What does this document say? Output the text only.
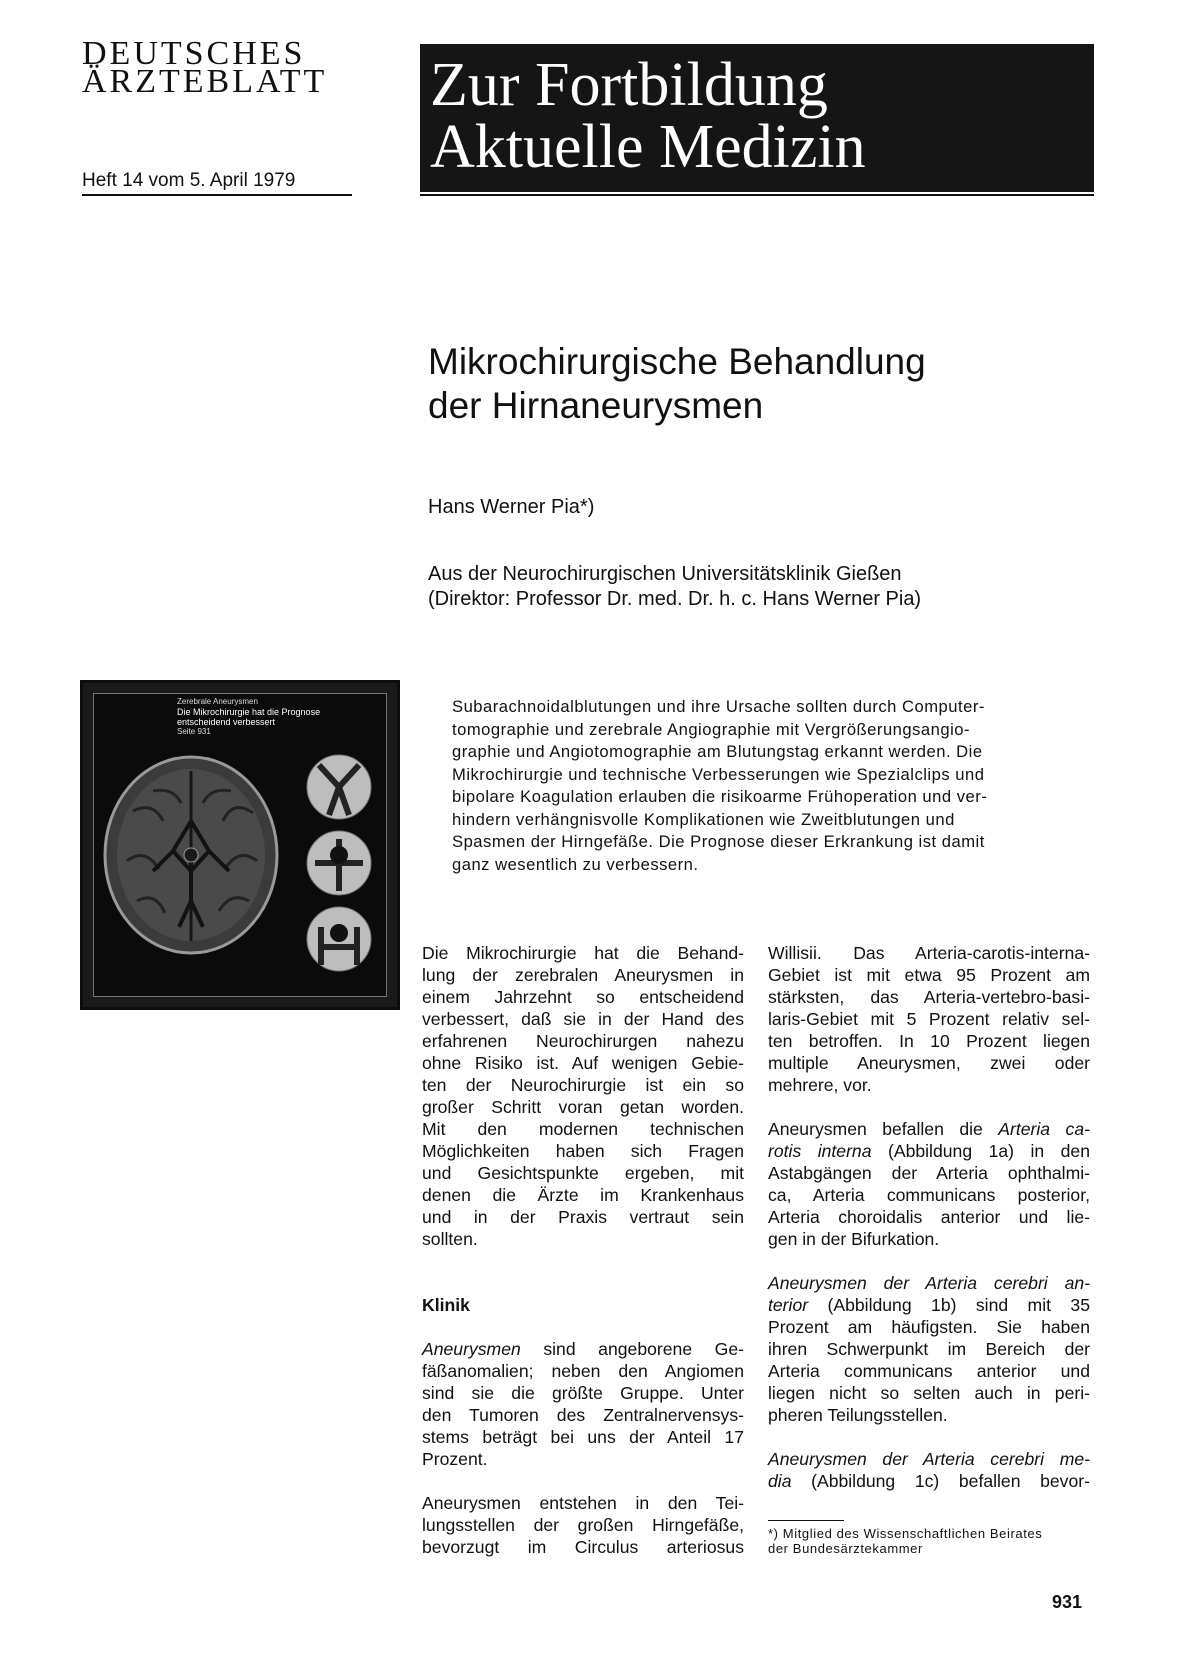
DEUTSCHES
ÄRZTEBLATT
Heft 14 vom 5. April 1979
Zur Fortbildung
Aktuelle Medizin
Mikrochirurgische Behandlung
der Hirnaneurysmen
Hans Werner Pia*)
Aus der Neurochirurgischen Universitätsklinik Gießen
(Direktor: Professor Dr. med. Dr. h. c. Hans Werner Pia)
Zerebrale Aneurysmen
Die Mikrochirurgie hat die Prognose
entscheidend verbessert
Seite 931
Subarachnoidalblutungen und ihre Ursache sollten durch Computer-
tomographie und zerebrale Angiographie mit Vergrößerungsangio-
graphie und Angiotomographie am Blutungstag erkannt werden. Die
Mikrochirurgie und technische Verbesserungen wie Spezialclips und
bipolare Koagulation erlauben die risikoarme Frühoperation und ver-
hindern verhängnisvolle Komplikationen wie Zweitblutungen und
Spasmen der Hirngefäße. Die Prognose dieser Erkrankung ist damit
ganz wesentlich zu verbessern.
Die Mikrochirurgie hat die Behand-
lung der zerebralen Aneurysmen in
einem Jahrzehnt so entscheidend
verbessert, daß sie in der Hand des
erfahrenen Neurochirurgen nahezu
ohne Risiko ist. Auf wenigen Gebie-
ten der Neurochirurgie ist ein so
großer Schritt voran getan worden.
Mit den modernen technischen
Möglichkeiten haben sich Fragen
und Gesichtspunkte ergeben, mit
denen die Ärzte im Krankenhaus
und in der Praxis vertraut sein
sollten.
Klinik
Aneurysmen sind angeborene Ge-
fäßanomalien; neben den Angiomen
sind sie die größte Gruppe. Unter
den Tumoren des Zentralnervensys-
stems beträgt bei uns der Anteil 17
Prozent.
Aneurysmen entstehen in den Tei-
lungsstellen der großen Hirngefäße,
bevorzugt im Circulus arteriosus
Willisii. Das Arteria-carotis-interna-
Gebiet ist mit etwa 95 Prozent am
stärksten, das Arteria-vertebro-basi-
laris-Gebiet mit 5 Prozent relativ sel-
ten betroffen. In 10 Prozent liegen
multiple Aneurysmen, zwei oder
mehrere, vor.
Aneurysmen befallen die Arteria ca-
rotis interna (Abbildung 1a) in den
Astabgängen der Arteria ophthalmi-
ca, Arteria communicans posterior,
Arteria choroidalis anterior und lie-
gen in der Bifurkation.
Aneurysmen der Arteria cerebri an-
terior (Abbildung 1b) sind mit 35
Prozent am häufigsten. Sie haben
ihren Schwerpunkt im Bereich der
Arteria communicans anterior und
liegen nicht so selten auch in peri-
pheren Teilungsstellen.
Aneurysmen der Arteria cerebri me-
dia (Abbildung 1c) befallen bevor-
*) Mitglied des Wissenschaftlichen Beirates
der Bundesärztekammer
931
